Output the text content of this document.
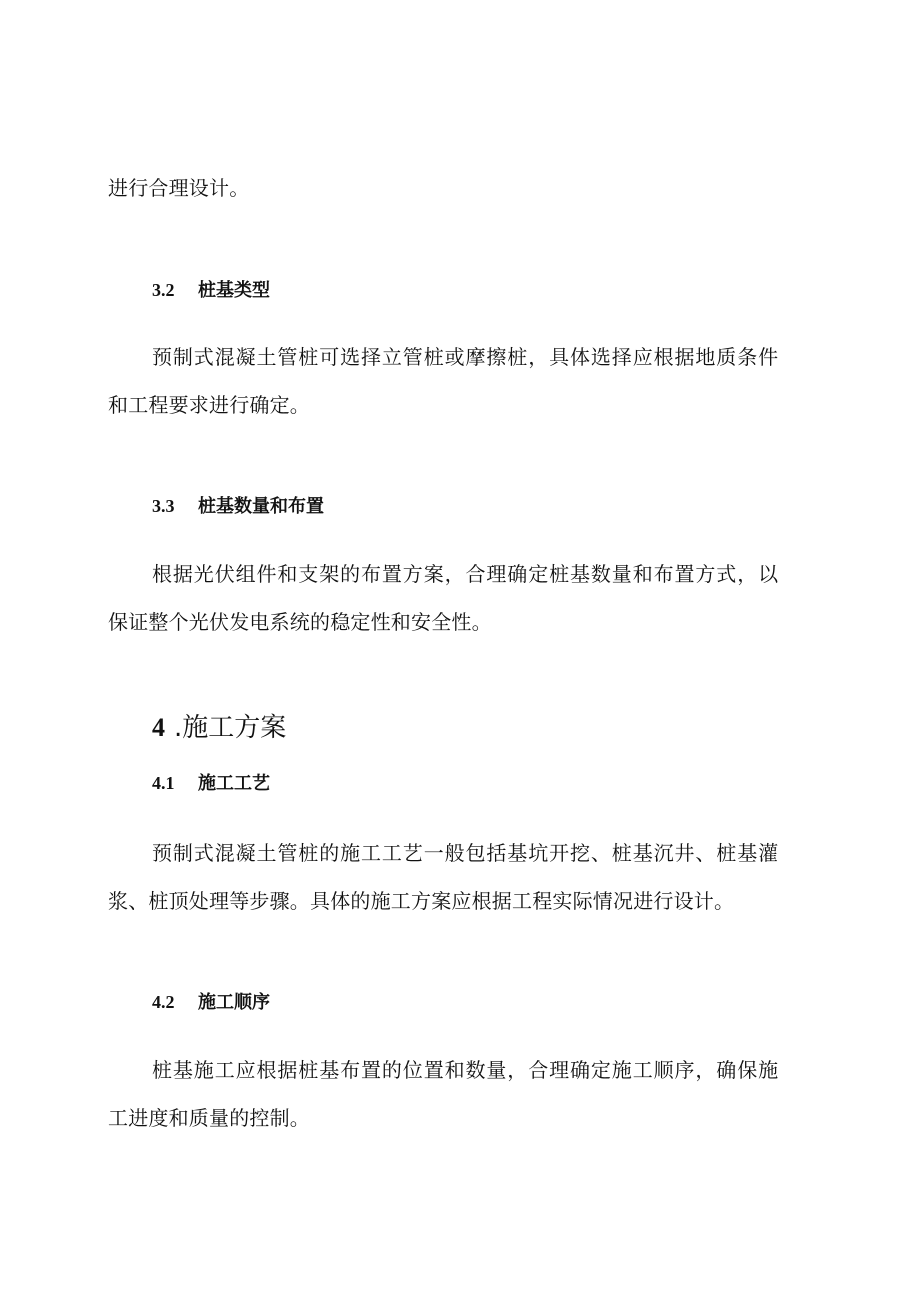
进行合理设计。
3.2 桩基类型
预制式混凝土管桩可选择立管桩或摩擦桩，具体选择应根据地质条件
和工程要求进行确定。
3.3 桩基数量和布置
根据光伏组件和支架的布置方案，合理确定桩基数量和布置方式，以
保证整个光伏发电系统的稳定性和安全性。
4 .施工方案
4.1 施工工艺
预制式混凝土管桩的施工工艺一般包括基坑开挖、桩基沉井、桩基灌
浆、桩顶处理等步骤。具体的施工方案应根据工程实际情况进行设计。
4.2 施工顺序
桩基施工应根据桩基布置的位置和数量，合理确定施工顺序，确保施
工进度和质量的控制。
